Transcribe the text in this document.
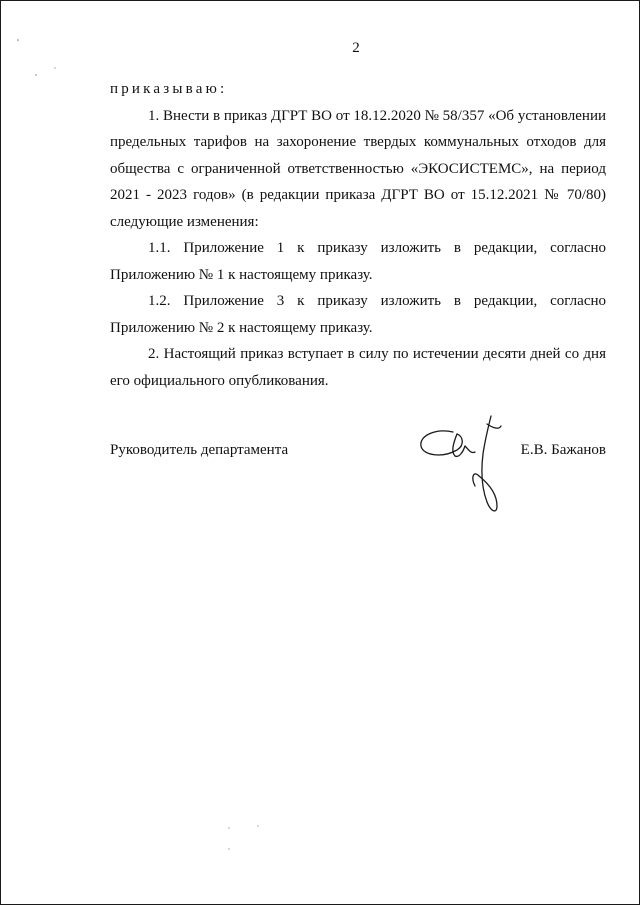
2

приказываю:

1. Внести в приказ ДГРТ ВО от 18.12.2020 № 58/357 «Об установлении предельных тарифов на захоронение твердых коммунальных отходов для общества с ограниченной ответственностью «ЭКОСИСТЕМС», на период 2021 - 2023 годов» (в редакции приказа ДГРТ ВО от 15.12.2021 № 70/80) следующие изменения:

1.1. Приложение 1 к приказу изложить в редакции, согласно Приложению № 1 к настоящему приказу.

1.2. Приложение 3 к приказу изложить в редакции, согласно Приложению № 2 к настоящему приказу.

2. Настоящий приказ вступает в силу по истечении десяти дней со дня его официального опубликования.

Руководитель департамента	Е.В. Бажанов
